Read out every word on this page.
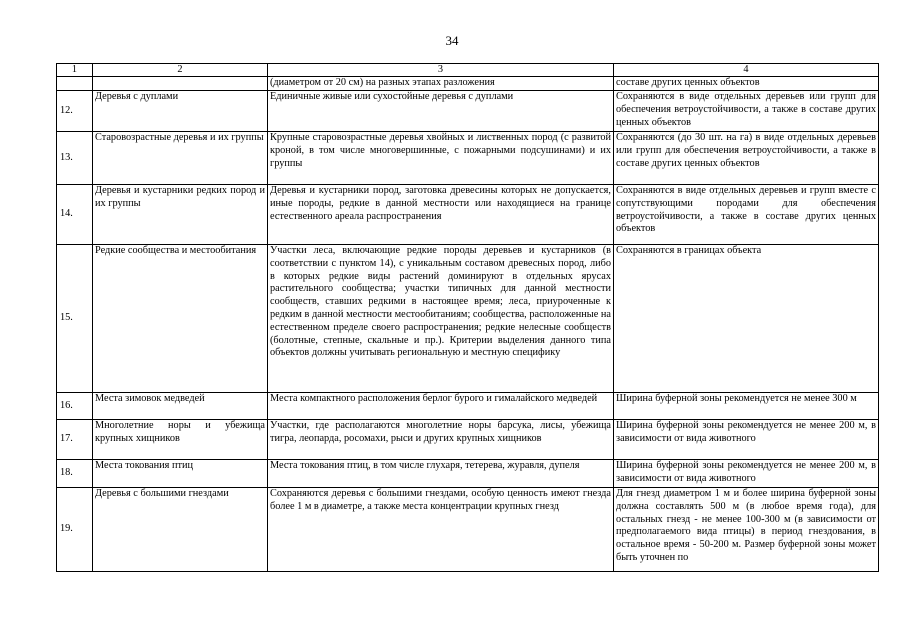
34
1	2	3	4
		(диаметром от 20 см) на разных этапах разложения	составе других ценных объектов
12.	Деревья с дуплами	Единичные живые или сухостойные деревья с дуплами	Сохраняются в виде отдельных деревьев или групп для обеспечения ветроустойчивости, а также в составе других ценных объектов
13.	Старовозрастные деревья и их группы	Крупные старовозрастные деревья хвойных и лиственных пород (с развитой кроной, в том числе многовершинные, с пожарными подсушинами) и их группы	Сохраняются (до 30 шт. на га) в виде отдельных деревьев или групп для обеспечения ветроустойчивости, а также в составе других ценных объектов
14.	Деревья и кустарники редких пород и их группы	Деревья и кустарники пород, заготовка древесины которых не допускается, иные породы, редкие в данной местности или находящиеся на границе естественного ареала распространения	Сохраняются в виде отдельных деревьев и групп вместе с сопутствующими породами для обеспечения ветроустойчивости, а также в составе других ценных объектов
15.	Редкие сообщества и местообитания	Участки леса, включающие редкие породы деревьев и кустарников (в соответствии с пунктом 14), с уникальным составом древесных пород, либо в которых редкие виды растений доминируют в отдельных ярусах растительного сообщества; участки типичных для данной местности сообществ, ставших редкими в настоящее время; леса, приуроченные к редким в данной местности местообитаниям; сообщества, расположенные на естественном пределе своего распространения; редкие нелесные сообществ (болотные, степные, скальные и пр.). Критерии выделения данного типа объектов должны учитывать региональную и местную специфику	Сохраняются в границах объекта
16.	Места зимовок медведей	Места компактного расположения берлог бурого и гималайского медведей	Ширина буферной зоны рекомендуется не менее 300 м
17.	Многолетние норы и убежища крупных хищников	Участки, где располагаются многолетние норы барсука, лисы, убежища тигра, леопарда, росомахи, рыси и других крупных хищников	Ширина буферной зоны рекомендуется не менее 200 м, в зависимости от вида животного
18.	Места токования птиц	Места токования птиц, в том числе глухаря, тетерева, журавля, дупеля	Ширина буферной зоны рекомендуется не менее 200 м, в зависимости от вида животного
19.	Деревья с большими гнездами	Сохраняются деревья с большими гнездами, особую ценность имеют гнезда более 1 м в диаметре, а также места концентрации крупных гнезд	Для гнезд диаметром 1 м и более ширина буферной зоны должна составлять 500 м (в любое время года), для остальных гнезд - не менее 100-300 м (в зависимости от предполагаемого вида птицы) в период гнездования, в остальное время - 50-200 м. Размер буферной зоны может быть уточнен по
